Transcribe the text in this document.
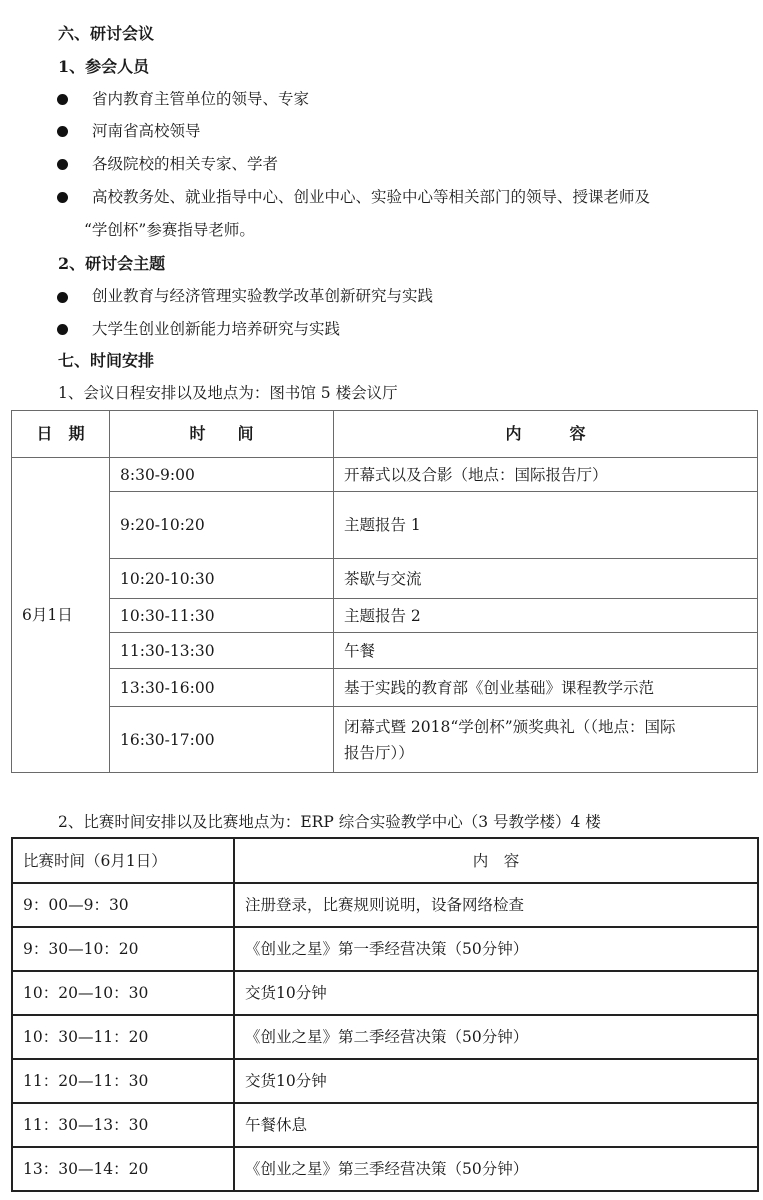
六、研讨会议
1、参会人员
省内教育主管单位的领导、专家
河南省高校领导
各级院校的相关专家、学者
高校教务处、就业指导中心、创业中心、实验中心等相关部门的领导、授课老师及
“学创杯”参赛指导老师。
2、研讨会主题
创业教育与经济管理实验教学改革创新研究与实践
大学生创业创新能力培养研究与实践
七、时间安排
1、会议日程安排以及地点为：图书馆 5 楼会议厅
日　期	时　　间	内　　　容
6月1日	8:30-9:00	开幕式以及合影（地点：国际报告厅）
	9:20-10:20	主题报告 1
	10:20-10:30	茶歇与交流
	10:30-11:30	主题报告 2
	11:30-13:30	午餐
	13:30-16:00	基于实践的教育部《创业基础》课程教学示范
	16:30-17:00	闭幕式暨 2018“学创杯”颁奖典礼（（地点：国际
报告厅））
2、比赛时间安排以及比赛地点为：ERP 综合实验教学中心（3 号教学楼）4 楼
比赛时间（6月1日）	内　容
9：00—9：30	注册登录，比赛规则说明，设备网络检查
9：30—10：20	《创业之星》第一季经营决策（50分钟）
10：20—10：30	交货10分钟
10：30—11：20	《创业之星》第二季经营决策（50分钟）
11：20—11：30	交货10分钟
11：30—13：30	午餐休息
13：30—14：20	《创业之星》第三季经营决策（50分钟）
